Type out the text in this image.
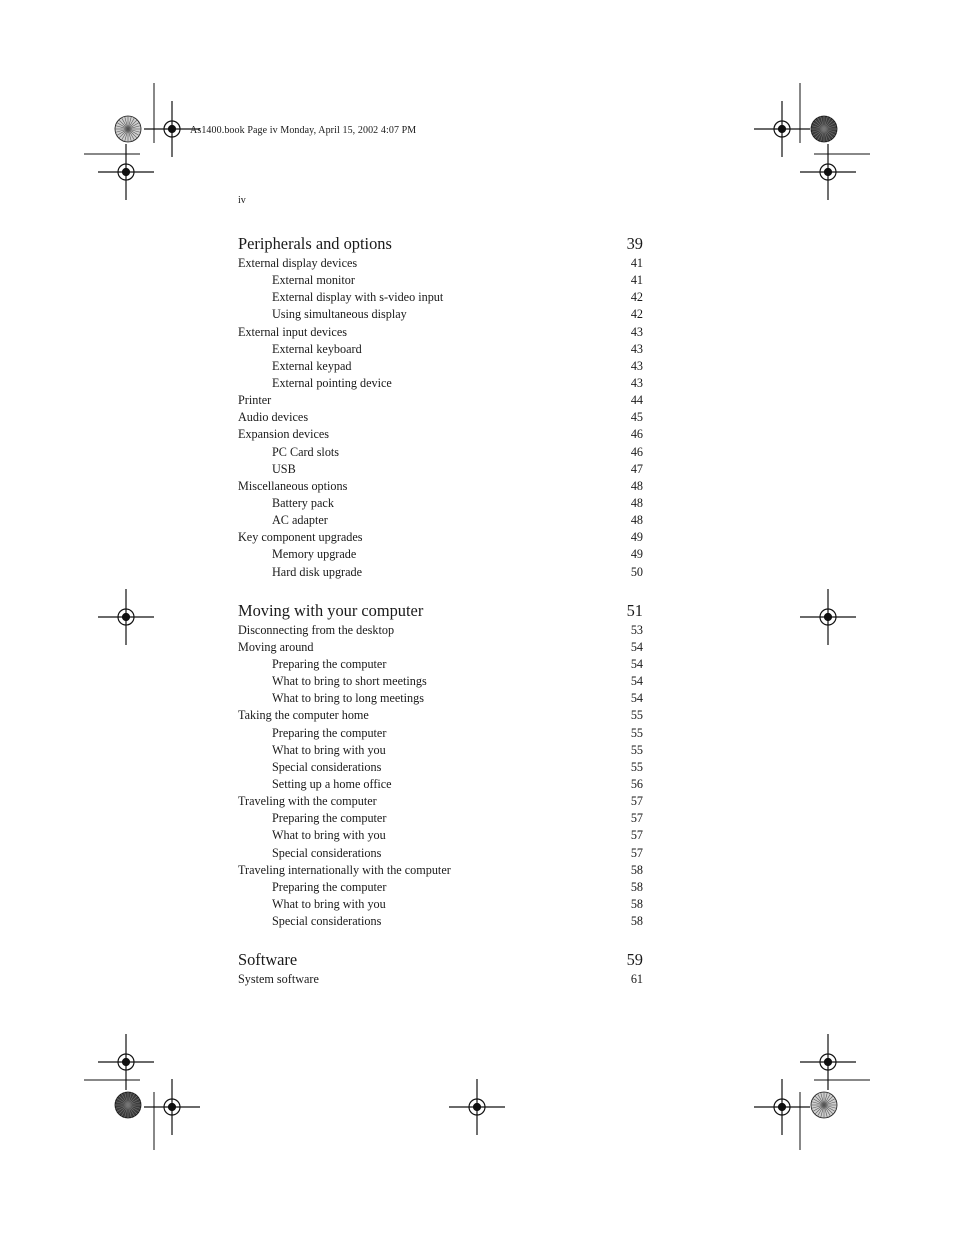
As1400.book Page iv Monday, April 15, 2002 4:07 PM
iv
Peripherals and options	39
External display devices	41
External monitor	41
External display with s-video input	42
Using simultaneous display	42
External input devices	43
External keyboard	43
External keypad	43
External pointing device	43
Printer	44
Audio devices	45
Expansion devices	46
PC Card slots	46
USB	47
Miscellaneous options	48
Battery pack	48
AC adapter	48
Key component upgrades	49
Memory upgrade	49
Hard disk upgrade	50
Moving with your computer	51
Disconnecting from the desktop	53
Moving around	54
Preparing the computer	54
What to bring to short meetings	54
What to bring to long meetings	54
Taking the computer home	55
Preparing the computer	55
What to bring with you	55
Special considerations	55
Setting up a home office	56
Traveling with the computer	57
Preparing the computer	57
What to bring with you	57
Special considerations	57
Traveling internationally with the computer	58
Preparing the computer	58
What to bring with you	58
Special considerations	58
Software	59
System software	61
